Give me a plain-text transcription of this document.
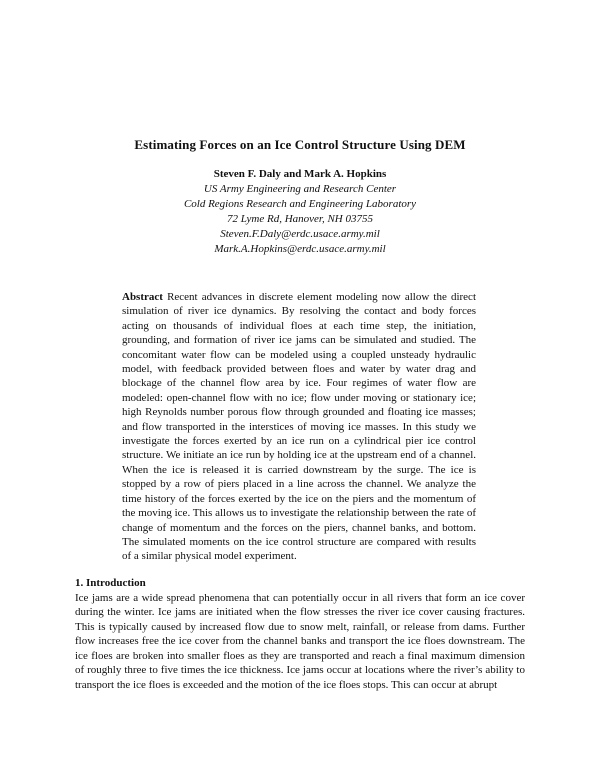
Estimating Forces on an Ice Control Structure Using DEM
Steven F. Daly and Mark A. Hopkins
US Army Engineering and Research Center
Cold Regions Research and Engineering Laboratory
72 Lyme Rd, Hanover, NH 03755
Steven.F.Daly@erdc.usace.army.mil
Mark.A.Hopkins@erdc.usace.army.mil
Abstract Recent advances in discrete element modeling now allow the direct simulation of river ice dynamics. By resolving the contact and body forces acting on thousands of individual floes at each time step, the initiation, grounding, and formation of river ice jams can be simulated and studied. The concomitant water flow can be modeled using a coupled unsteady hydraulic model, with feedback provided between floes and water by water drag and blockage of the channel flow area by ice. Four regimes of water flow are modeled: open-channel flow with no ice; flow under moving or stationary ice; high Reynolds number porous flow through grounded and floating ice masses; and flow transported in the interstices of moving ice masses. In this study we investigate the forces exerted by an ice run on a cylindrical pier ice control structure. We initiate an ice run by holding ice at the upstream end of a channel. When the ice is released it is carried downstream by the surge. The ice is stopped by a row of piers placed in a line across the channel. We analyze the time history of the forces exerted by the ice on the piers and the momentum of the moving ice. This allows us to investigate the relationship between the rate of change of momentum and the forces on the piers, channel banks, and bottom. The simulated moments on the ice control structure are compared with results of a similar physical model experiment.
1. Introduction
Ice jams are a wide spread phenomena that can potentially occur in all rivers that form an ice cover during the winter. Ice jams are initiated when the flow stresses the river ice cover causing fractures. This is typically caused by increased flow due to snow melt, rainfall, or release from dams. Further flow increases free the ice cover from the channel banks and transport the ice floes downstream. The ice floes are broken into smaller floes as they are transported and reach a final maximum dimension of roughly three to five times the ice thickness. Ice jams occur at locations where the river’s ability to transport the ice floes is exceeded and the motion of the ice floes stops. This can occur at abrupt
